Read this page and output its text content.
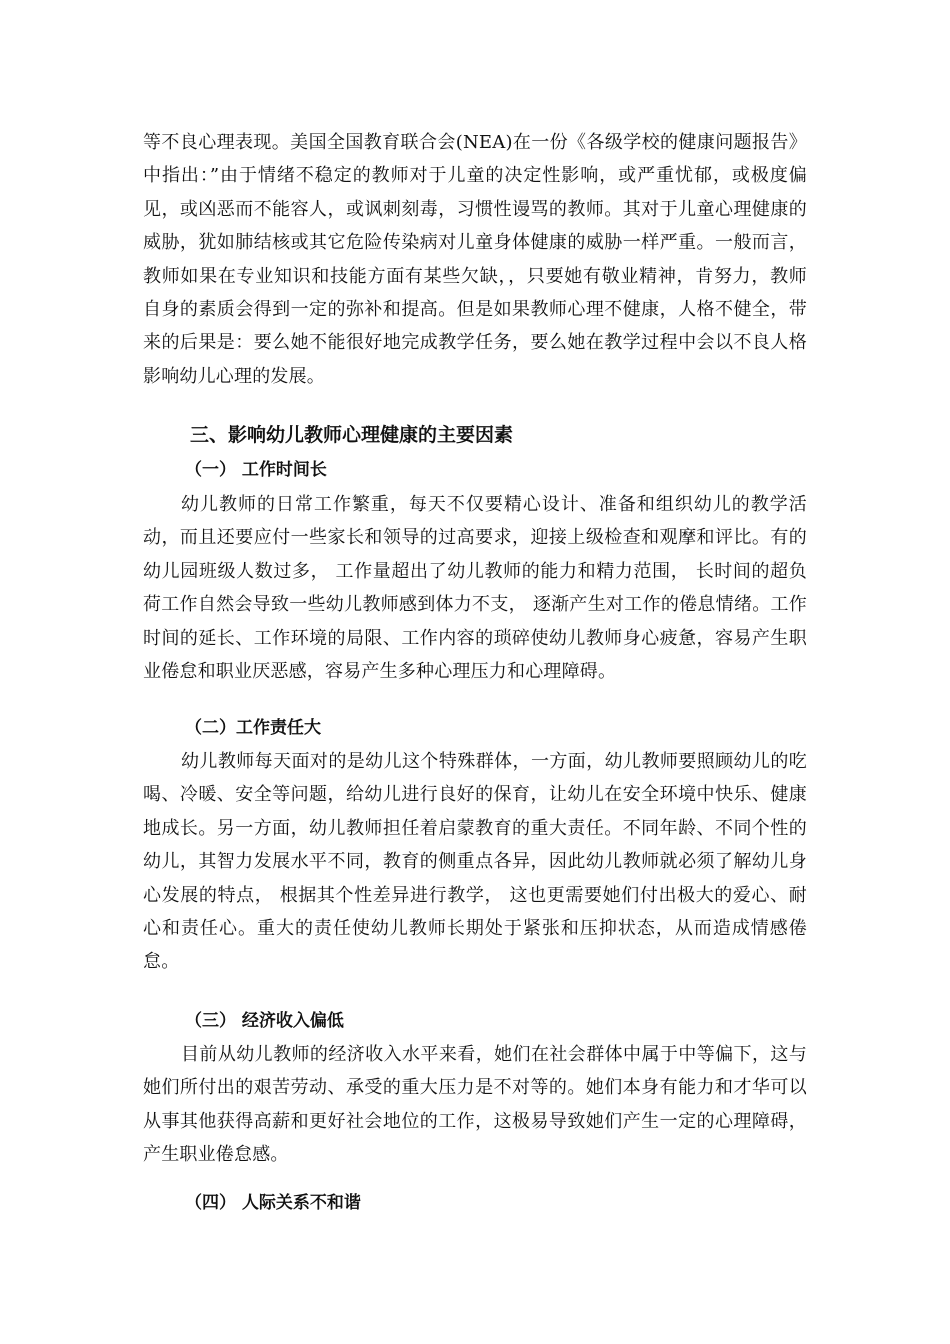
等不良心理表现。美国全国教育联合会(NEA)在一份《各级学校的健康问题报告》中指出：”由于情绪不稳定的教师对于儿童的决定性影响，或严重忧郁，或极度偏见，或凶恶而不能容人，或讽刺刻毒，习惯性谩骂的教师。其对于儿童心理健康的威胁，犹如肺结核或其它危险传染病对儿童身体健康的威胁一样严重。一般而言，教师如果在专业知识和技能方面有某些欠缺，，只要她有敬业精神，肯努力，教师自身的素质会得到一定的弥补和提高。但是如果教师心理不健康，人格不健全，带来的后果是：要么她不能很好地完成教学任务，要么她在教学过程中会以不良人格影响幼儿心理的发展。

三、影响幼儿教师心理健康的主要因素
（一） 工作时间长

幼儿教师的日常工作繁重，每天不仅要精心设计、准备和组织幼儿的教学活动，而且还要应付一些家长和领导的过高要求，迎接上级检查和观摩和评比。有的幼儿园班级人数过多， 工作量超出了幼儿教师的能力和精力范围， 长时间的超负荷工作自然会导致一些幼儿教师感到体力不支， 逐渐产生对工作的倦息情绪。工作时间的延长、工作环境的局限、工作内容的琐碎使幼儿教师身心疲惫，容易产生职业倦怠和职业厌恶感，容易产生多种心理压力和心理障碍。

（二）工作责任大

幼儿教师每天面对的是幼儿这个特殊群体，一方面，幼儿教师要照顾幼儿的吃喝、冷暖、安全等问题，给幼儿进行良好的保育，让幼儿在安全环境中快乐、健康地成长。另一方面，幼儿教师担任着启蒙教育的重大责任。不同年龄、不同个性的幼儿，其智力发展水平不同，教育的侧重点各异，因此幼儿教师就必须了解幼儿身心发展的特点， 根据其个性差异进行教学， 这也更需要她们付出极大的爱心、耐心和责任心。重大的责任使幼儿教师长期处于紧张和压抑状态，从而造成情感倦怠。

（三） 经济收入偏低

目前从幼儿教师的经济收入水平来看，她们在社会群体中属于中等偏下，这与她们所付出的艰苦劳动、承受的重大压力是不对等的。她们本身有能力和才华可以从事其他获得高薪和更好社会地位的工作，这极易导致她们产生一定的心理障碍，产生职业倦怠感。

（四） 人际关系不和谐
